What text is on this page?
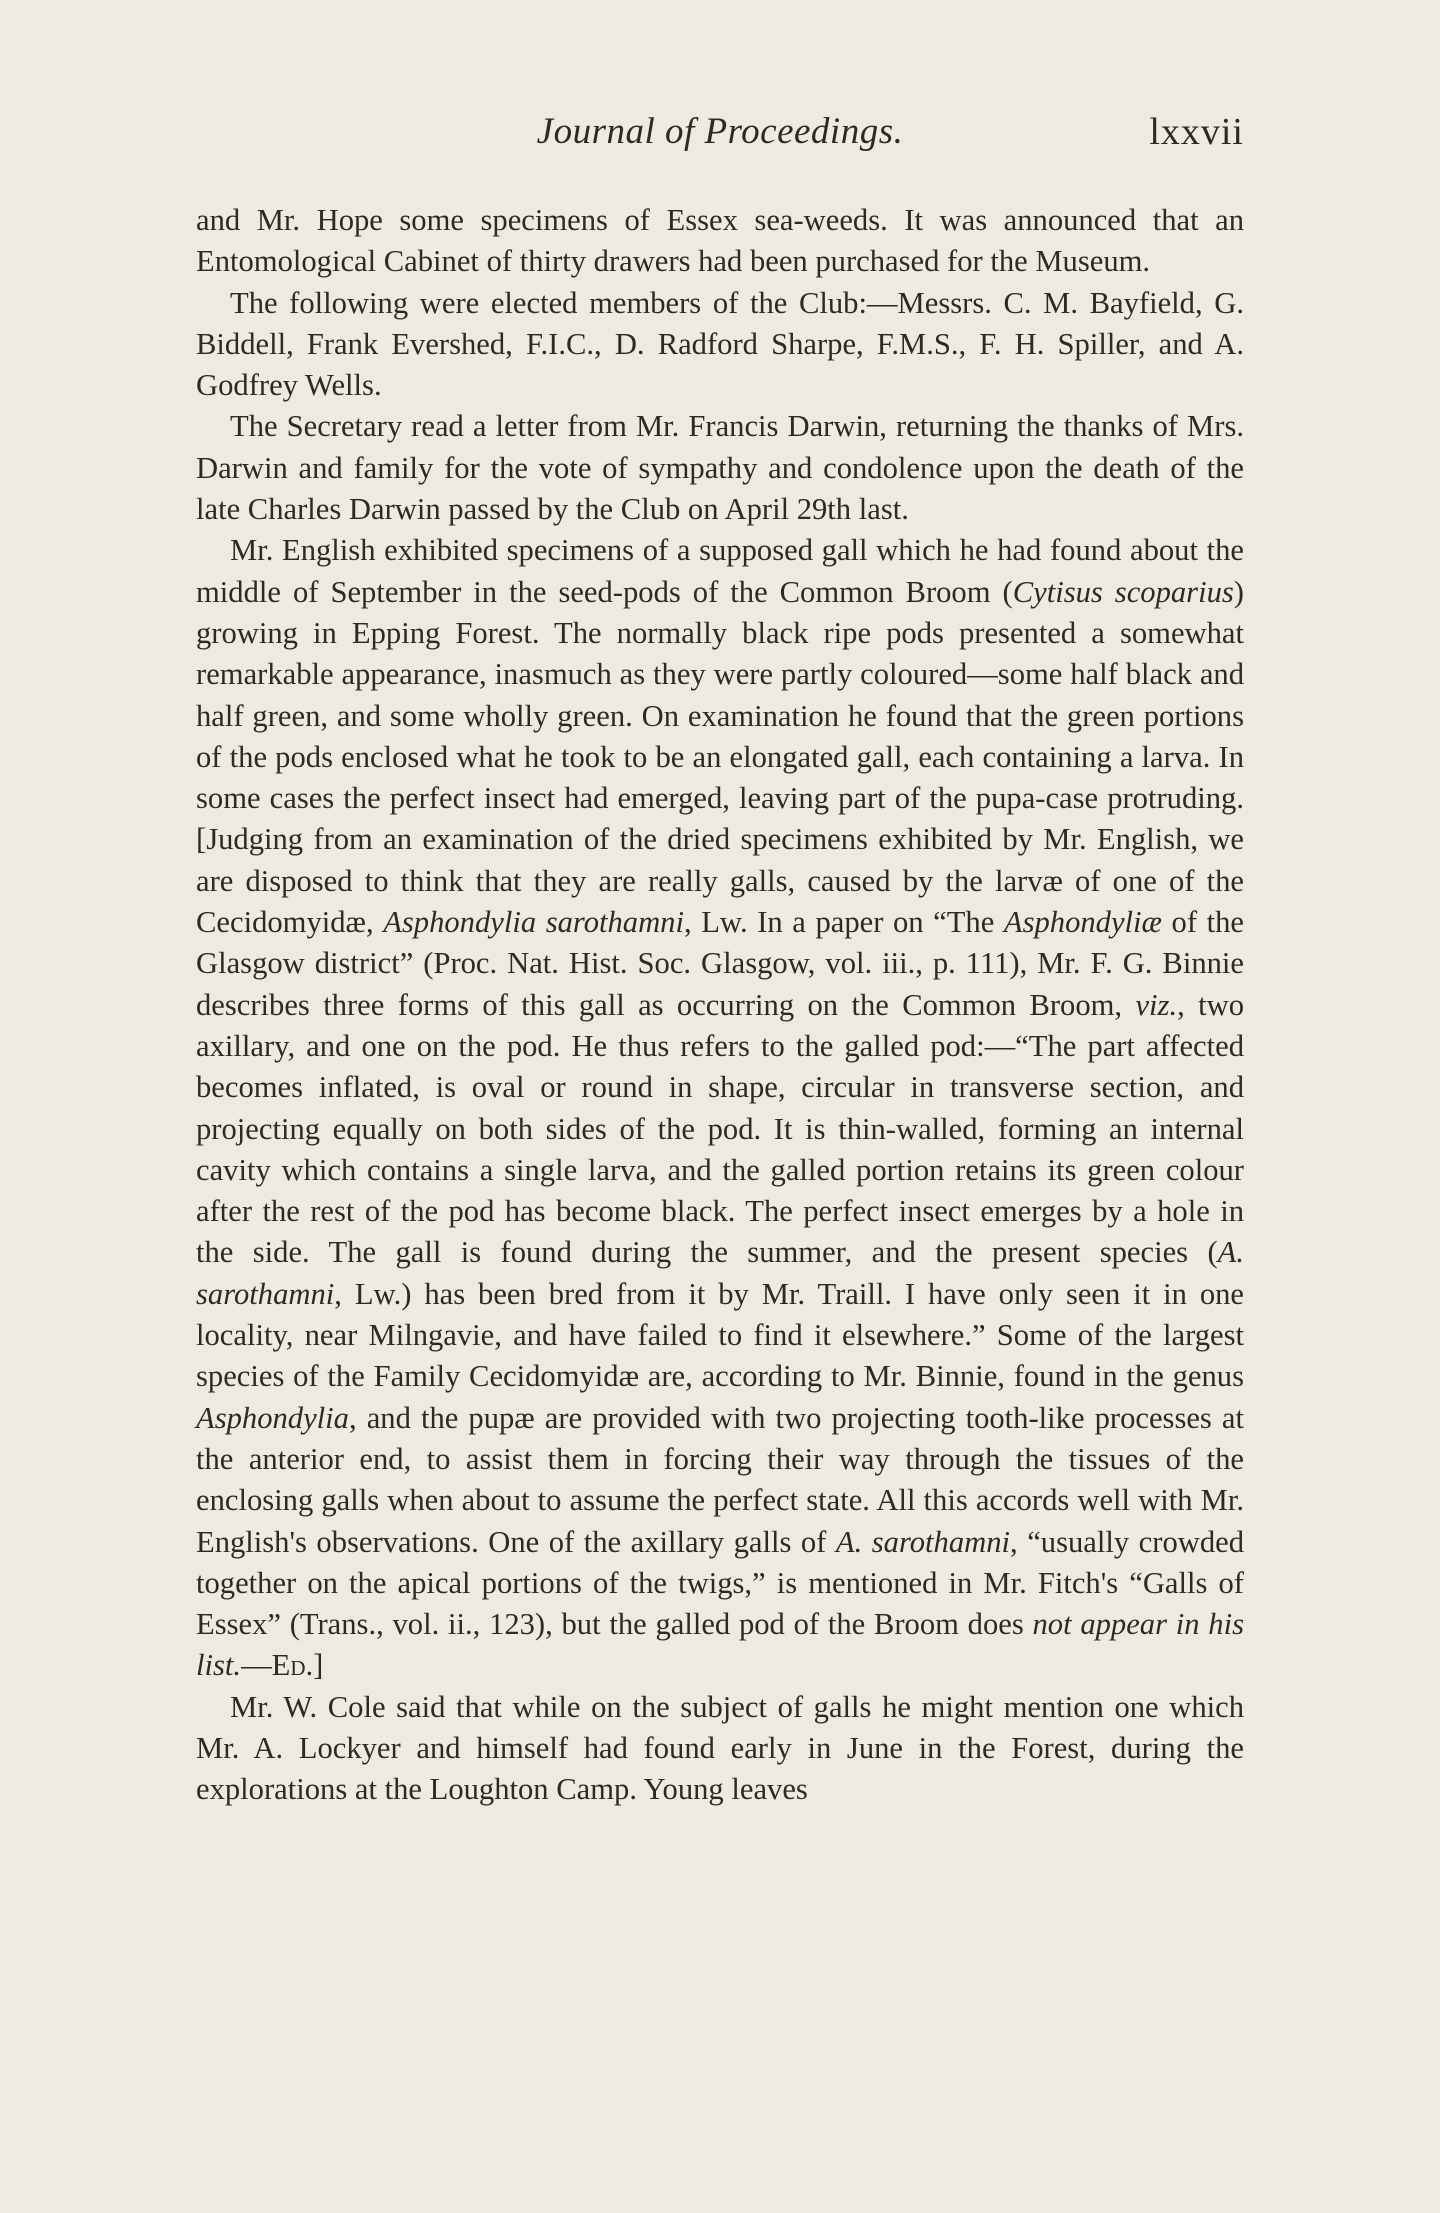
Journal of Proceedings.	lxxvii

and Mr. Hope some specimens of Essex sea-weeds. It was announced that an Entomological Cabinet of thirty drawers had been purchased for the Museum.

The following were elected members of the Club:—Messrs. C. M. Bayfield, G. Biddell, Frank Evershed, F.I.C., D. Radford Sharpe, F.M.S., F. H. Spiller, and A. Godfrey Wells.

The Secretary read a letter from Mr. Francis Darwin, returning the thanks of Mrs. Darwin and family for the vote of sympathy and condolence upon the death of the late Charles Darwin passed by the Club on April 29th last.

Mr. English exhibited specimens of a supposed gall which he had found about the middle of September in the seed-pods of the Common Broom (Cytisus scoparius) growing in Epping Forest. The normally black ripe pods presented a somewhat remarkable appearance, inasmuch as they were partly coloured—some half black and half green, and some wholly green. On examination he found that the green portions of the pods enclosed what he took to be an elongated gall, each containing a larva. In some cases the perfect insect had emerged, leaving part of the pupa-case protruding. [Judging from an examination of the dried specimens exhibited by Mr. English, we are disposed to think that they are really galls, caused by the larvæ of one of the Cecidomyidæ, Asphondylia sarothamni, Lw. In a paper on “The Asphondyliæ of the Glasgow district” (Proc. Nat. Hist. Soc. Glasgow, vol. iii., p. 111), Mr. F. G. Binnie describes three forms of this gall as occurring on the Common Broom, viz., two axillary, and one on the pod. He thus refers to the galled pod:—“The part affected becomes inflated, is oval or round in shape, circular in transverse section, and projecting equally on both sides of the pod. It is thin-walled, forming an internal cavity which contains a single larva, and the galled portion retains its green colour after the rest of the pod has become black. The perfect insect emerges by a hole in the side. The gall is found during the summer, and the present species (A. sarothamni, Lw.) has been bred from it by Mr. Traill. I have only seen it in one locality, near Milngavie, and have failed to find it elsewhere.” Some of the largest species of the Family Cecidomyidæ are, according to Mr. Binnie, found in the genus Asphondylia, and the pupæ are provided with two projecting tooth-like processes at the anterior end, to assist them in forcing their way through the tissues of the enclosing galls when about to assume the perfect state. All this accords well with Mr. English's observations. One of the axillary galls of A. sarothamni, “usually crowded together on the apical portions of the twigs,” is mentioned in Mr. Fitch's “Galls of Essex” (Trans., vol. ii., 123), but the galled pod of the Broom does not appear in his list.—Ed.]

Mr. W. Cole said that while on the subject of galls he might mention one which Mr. A. Lockyer and himself had found early in June in the Forest, during the explorations at the Loughton Camp. Young leaves
